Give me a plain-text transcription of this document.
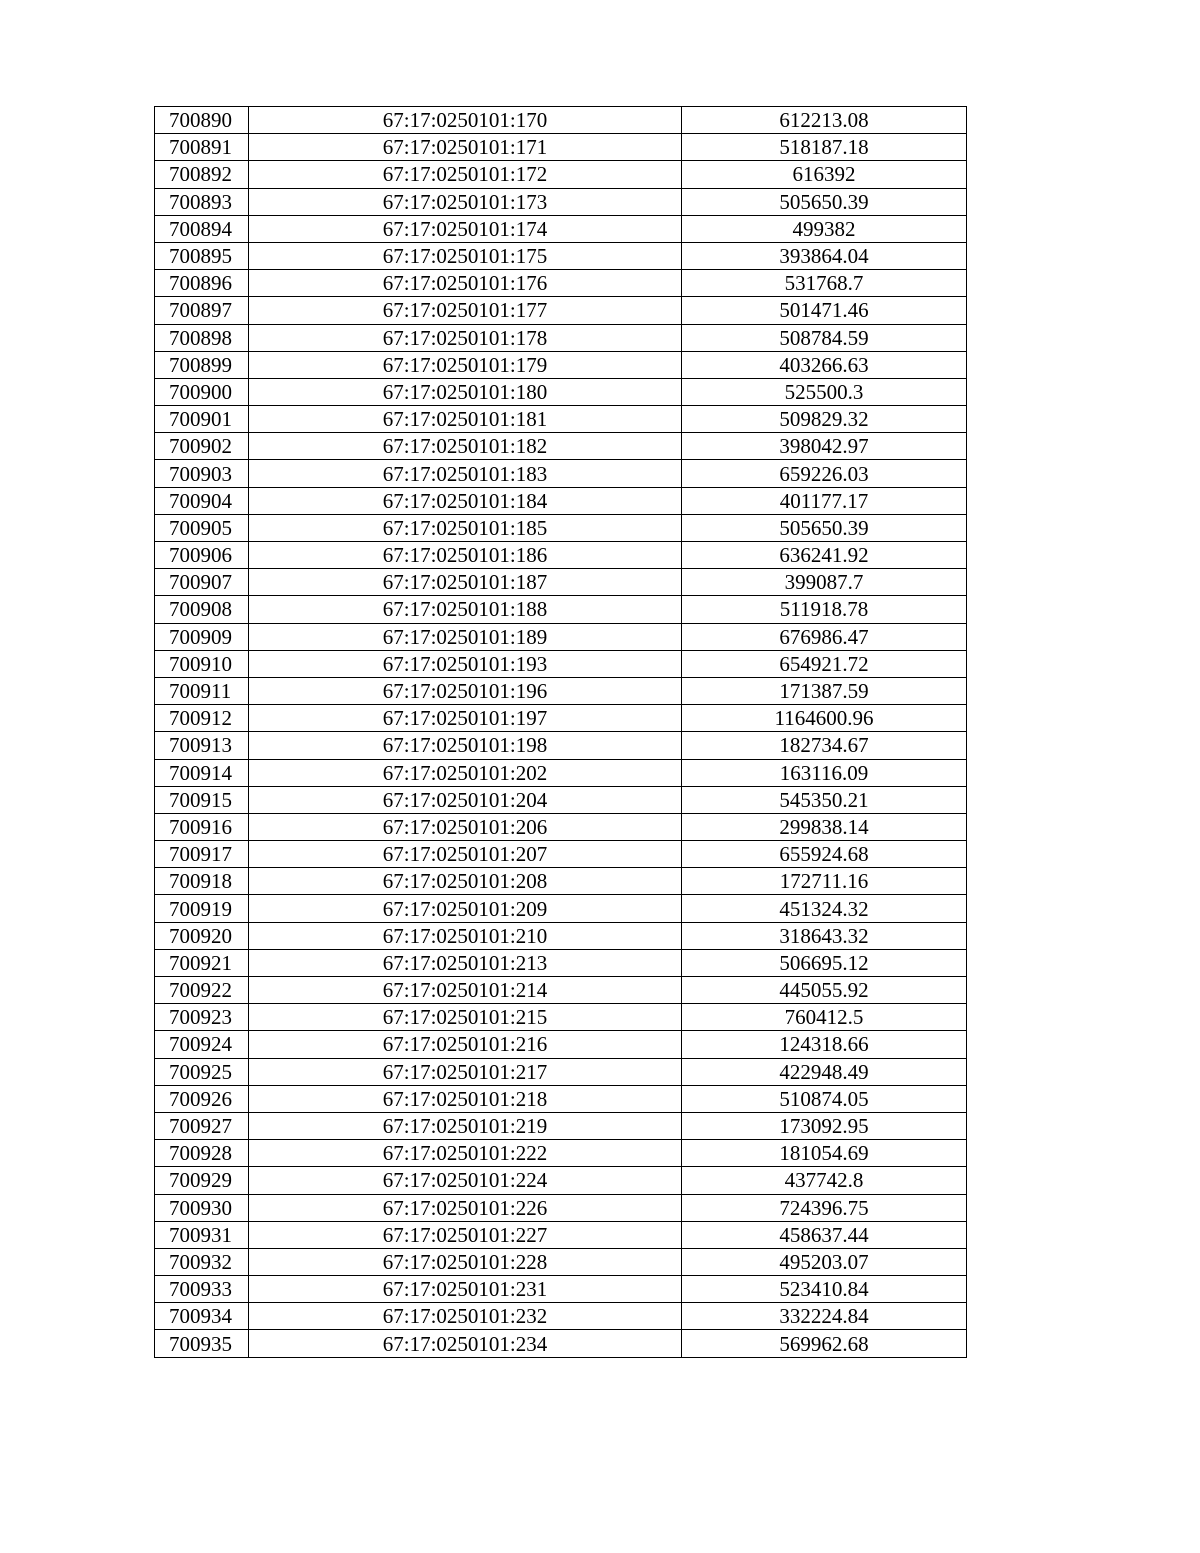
700890	67:17:0250101:170	612213.08
700891	67:17:0250101:171	518187.18
700892	67:17:0250101:172	616392
700893	67:17:0250101:173	505650.39
700894	67:17:0250101:174	499382
700895	67:17:0250101:175	393864.04
700896	67:17:0250101:176	531768.7
700897	67:17:0250101:177	501471.46
700898	67:17:0250101:178	508784.59
700899	67:17:0250101:179	403266.63
700900	67:17:0250101:180	525500.3
700901	67:17:0250101:181	509829.32
700902	67:17:0250101:182	398042.97
700903	67:17:0250101:183	659226.03
700904	67:17:0250101:184	401177.17
700905	67:17:0250101:185	505650.39
700906	67:17:0250101:186	636241.92
700907	67:17:0250101:187	399087.7
700908	67:17:0250101:188	511918.78
700909	67:17:0250101:189	676986.47
700910	67:17:0250101:193	654921.72
700911	67:17:0250101:196	171387.59
700912	67:17:0250101:197	1164600.96
700913	67:17:0250101:198	182734.67
700914	67:17:0250101:202	163116.09
700915	67:17:0250101:204	545350.21
700916	67:17:0250101:206	299838.14
700917	67:17:0250101:207	655924.68
700918	67:17:0250101:208	172711.16
700919	67:17:0250101:209	451324.32
700920	67:17:0250101:210	318643.32
700921	67:17:0250101:213	506695.12
700922	67:17:0250101:214	445055.92
700923	67:17:0250101:215	760412.5
700924	67:17:0250101:216	124318.66
700925	67:17:0250101:217	422948.49
700926	67:17:0250101:218	510874.05
700927	67:17:0250101:219	173092.95
700928	67:17:0250101:222	181054.69
700929	67:17:0250101:224	437742.8
700930	67:17:0250101:226	724396.75
700931	67:17:0250101:227	458637.44
700932	67:17:0250101:228	495203.07
700933	67:17:0250101:231	523410.84
700934	67:17:0250101:232	332224.84
700935	67:17:0250101:234	569962.68
